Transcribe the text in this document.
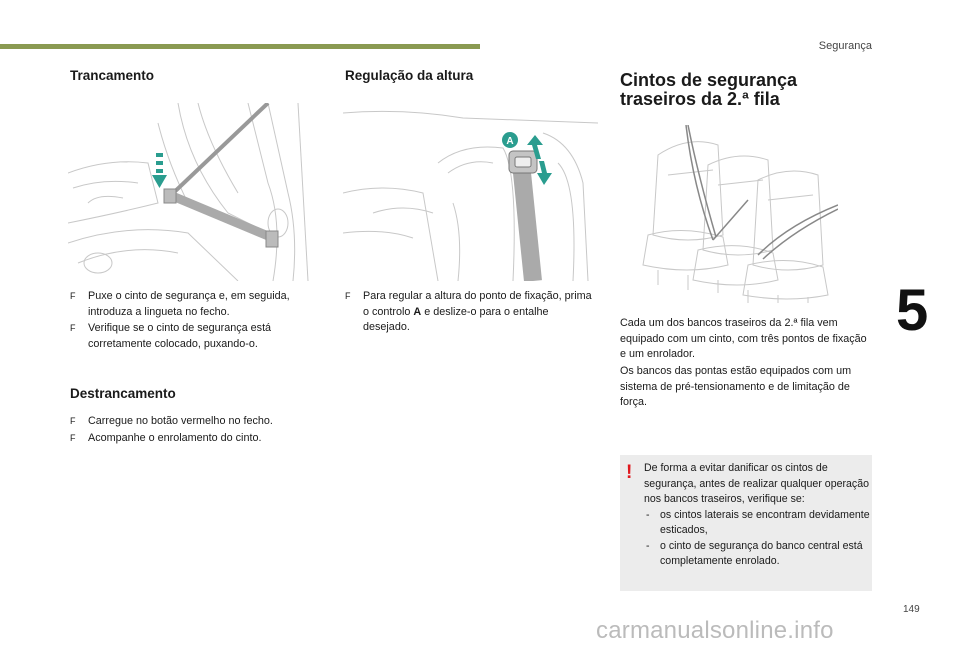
Segurança
5
149
carmanualsonline.info
Trancamento
F Puxe o cinto de segurança e, em seguida, introduza a lingueta no fecho.
F Verifique se o cinto de segurança está corretamente colocado, puxando-o.
Destrancamento
F Carregue no botão vermelho no fecho.
F Acompanhe o enrolamento do cinto.
Regulação da altura
A
F Para regular a altura do ponto de fixação, prima o controlo A e deslize-o para o entalhe desejado.
Cintos de segurança
traseiros da 2.ª fila
Cada um dos bancos traseiros da 2.ª fila vem equipado com um cinto, com três pontos de fixação e um enrolador.
Os bancos das pontas estão equipados com um sistema de pré-tensionamento e de limitação de força.
! De forma a evitar danificar os cintos de segurança, antes de realizar qualquer operação nos bancos traseiros, verifique se:
- os cintos laterais se encontram devidamente esticados,
- o cinto de segurança do banco central está completamente enrolado.
